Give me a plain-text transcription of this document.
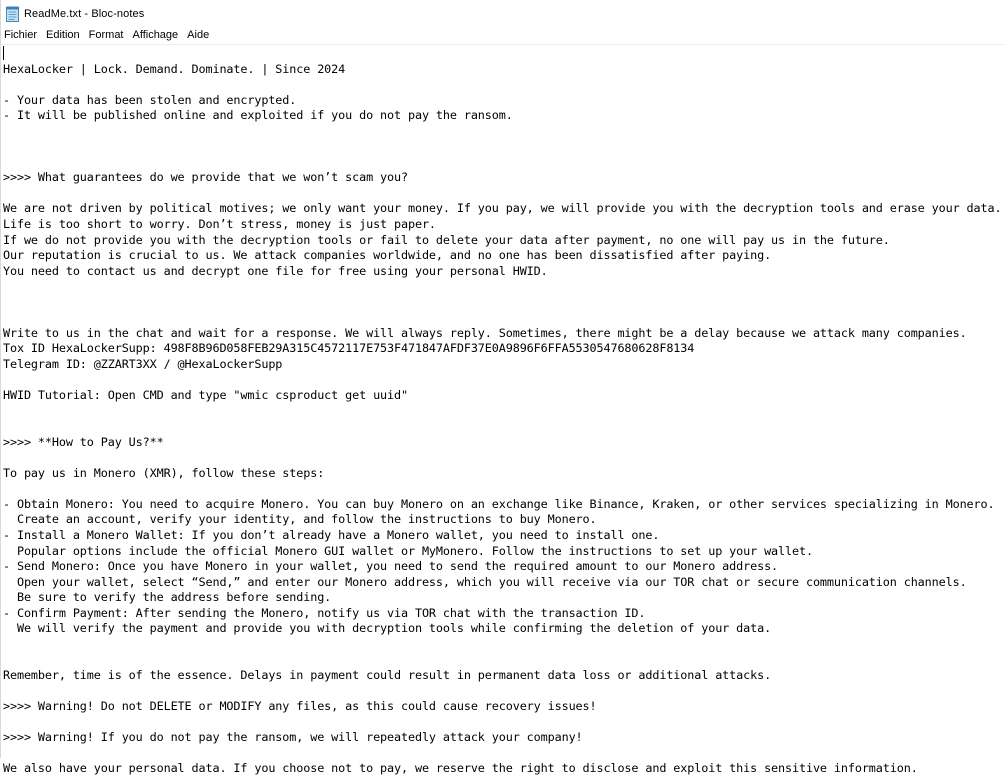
ReadMe.txt - Bloc-notes
Fichier Edition Format Affichage Aide
HexaLocker | Lock. Demand. Dominate. | Since 2024
- Your data has been stolen and encrypted.
- It will be published online and exploited if you do not pay the ransom.
>>>> What guarantees do we provide that we won’t scam you?
We are not driven by political motives; we only want your money. If you pay, we will provide you with the decryption tools and erase your data.
Life is too short to worry. Don’t stress, money is just paper.
If we do not provide you with the decryption tools or fail to delete your data after payment, no one will pay us in the future.
Our reputation is crucial to us. We attack companies worldwide, and no one has been dissatisfied after paying.
You need to contact us and decrypt one file for free using your personal HWID.
Write to us in the chat and wait for a response. We will always reply. Sometimes, there might be a delay because we attack many companies.
Tox ID HexaLockerSupp: 498F8B96D058FEB29A315C4572117E753F471847AFDF37E0A9896F6FFA5530547680628F8134
Telegram ID: @ZZART3XX / @HexaLockerSupp
HWID Tutorial: Open CMD and type "wmic csproduct get uuid"
>>>> **How to Pay Us?**
To pay us in Monero (XMR), follow these steps:
- Obtain Monero: You need to acquire Monero. You can buy Monero on an exchange like Binance, Kraken, or other services specializing in Monero.
Create an account, verify your identity, and follow the instructions to buy Monero.
- Install a Monero Wallet: If you don’t already have a Monero wallet, you need to install one.
Popular options include the official Monero GUI wallet or MyMonero. Follow the instructions to set up your wallet.
- Send Monero: Once you have Monero in your wallet, you need to send the required amount to our Monero address.
Open your wallet, select “Send,” and enter our Monero address, which you will receive via our TOR chat or secure communication channels.
Be sure to verify the address before sending.
- Confirm Payment: After sending the Monero, notify us via TOR chat with the transaction ID.
We will verify the payment and provide you with decryption tools while confirming the deletion of your data.
Remember, time is of the essence. Delays in payment could result in permanent data loss or additional attacks.
>>>> Warning! Do not DELETE or MODIFY any files, as this could cause recovery issues!
>>>> Warning! If you do not pay the ransom, we will repeatedly attack your company!
We also have your personal data. If you choose not to pay, we reserve the right to disclose and exploit this sensitive information.
